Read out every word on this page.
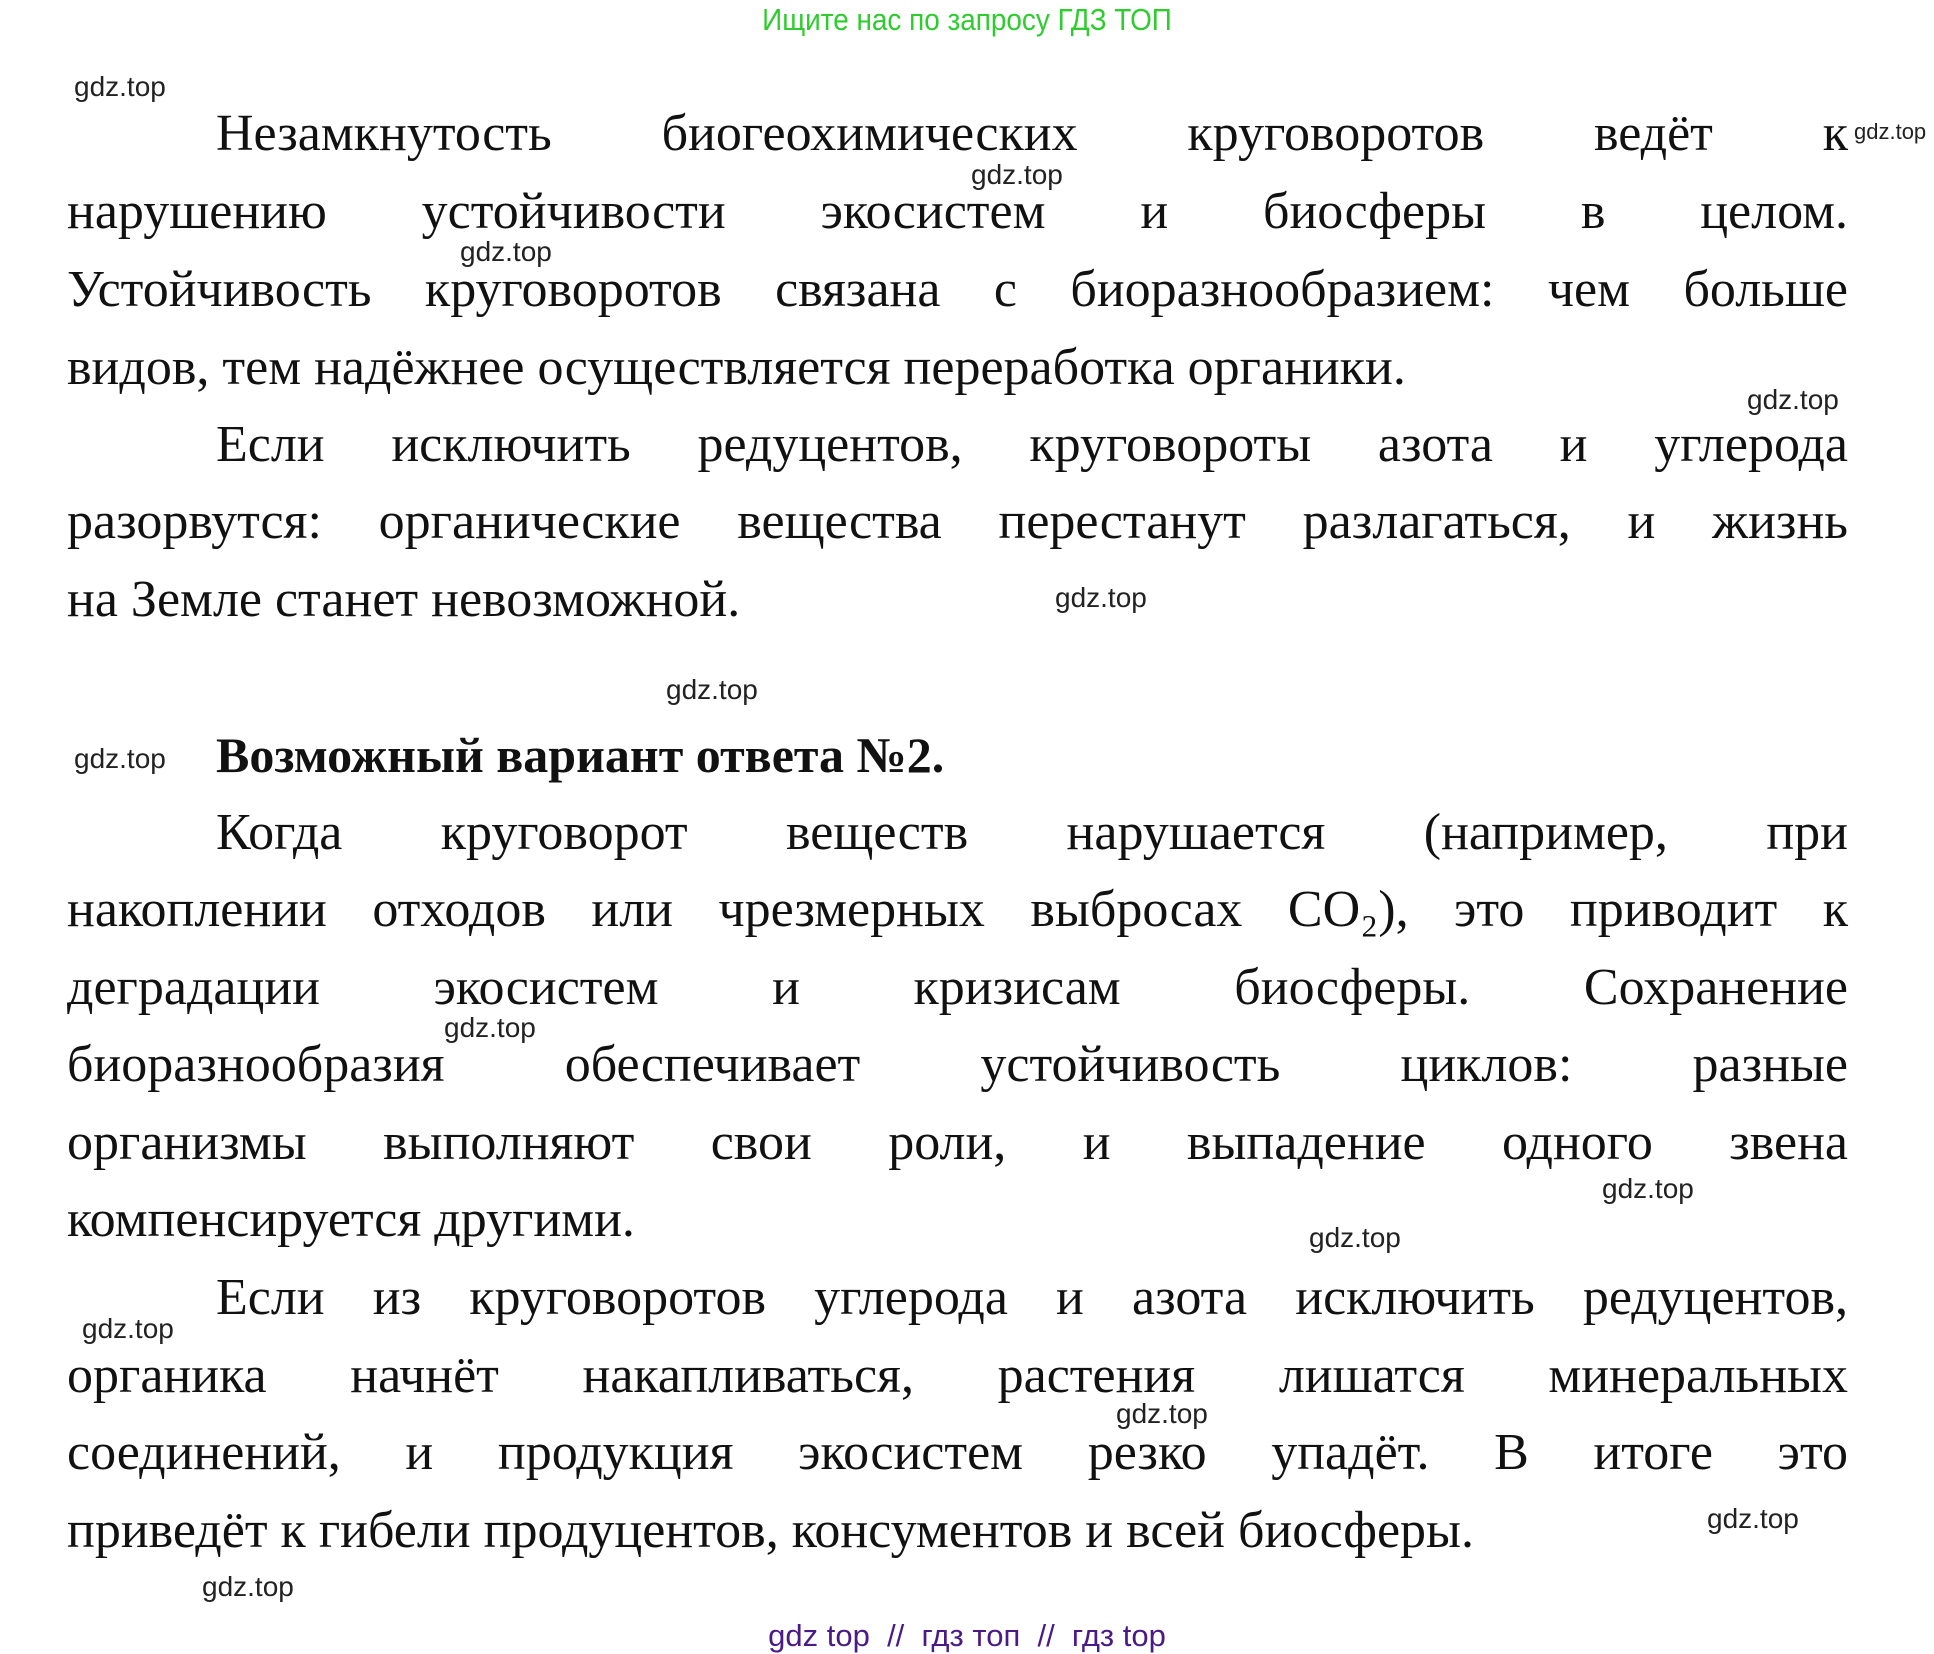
Ищите нас по запросу ГДЗ ТОП
Незамкнутость биогеохимических круговоротов ведёт к
нарушению устойчивости экосистем и биосферы в целом.
Устойчивость круговоротов связана с биоразнообразием: чем больше
видов, тем надёжнее осуществляется переработка органики.
Если исключить редуцентов, круговороты азота и углерода
разорвутся: органические вещества перестанут разлагаться, и жизнь
на Земле станет невозможной.
Возможный вариант ответа №2.
Когда круговорот веществ нарушается (например, при
накоплении отходов или чрезмерных выбросах CO₂), это приводит к
деградации экосистем и кризисам биосферы. Сохранение
биоразнообразия обеспечивает устойчивость циклов: разные
организмы выполняют свои роли, и выпадение одного звена
компенсируется другими.
Если из круговоротов углерода и азота исключить редуцентов,
органика начнёт накапливаться, растения лишатся минеральных
соединений, и продукция экосистем резко упадёт. В итоге это
приведёт к гибели продуцентов, консументов и всей биосферы.
gdz.top
gdz.top
gdz.top
gdz.top
gdz.top
gdz.top
gdz.top
gdz.top
gdz.top
gdz.top
gdz.top
gdz.top
gdz.top
gdz.top
gdz.top
gdz top  //  гдз топ  //  гдз top
